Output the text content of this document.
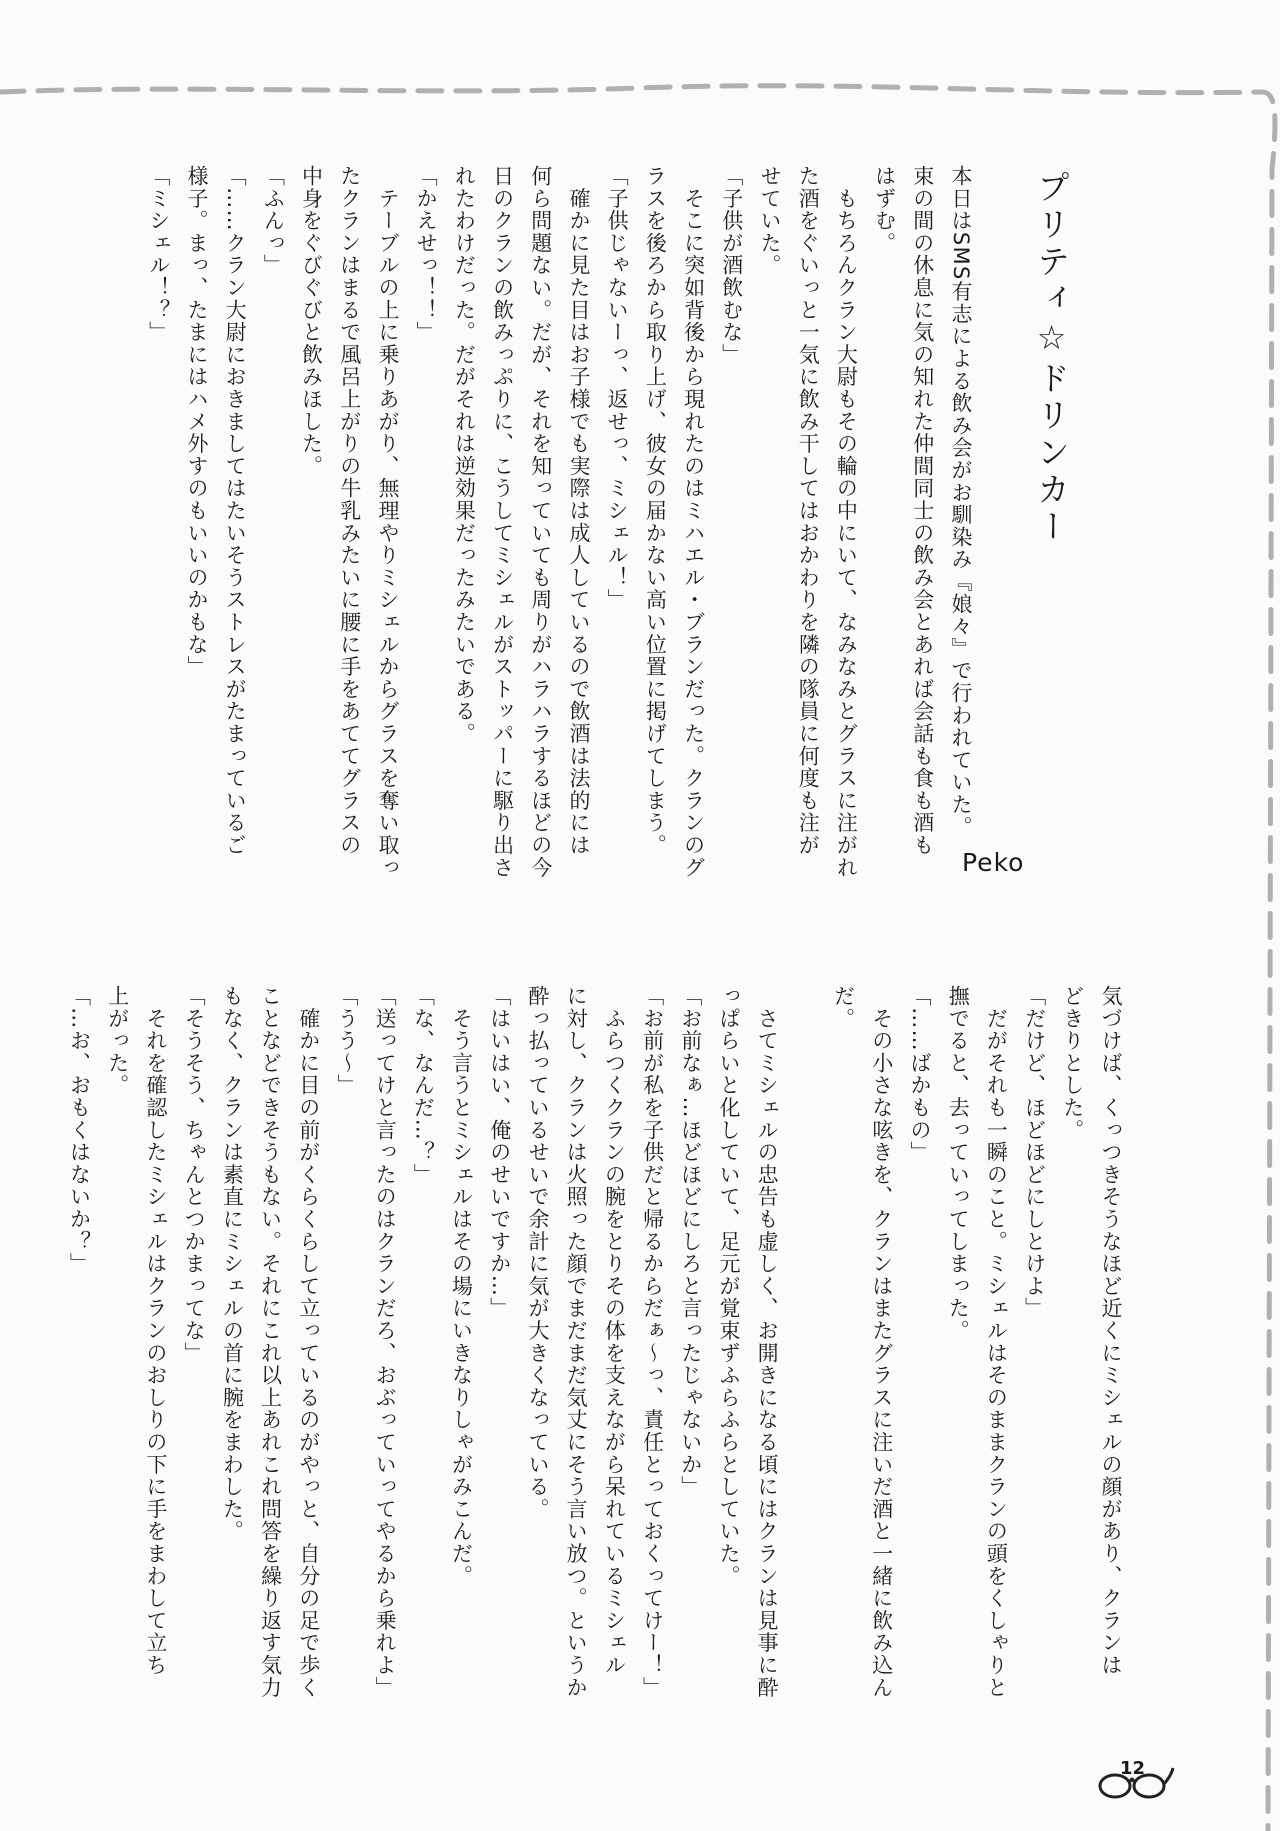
プリティ☆ドリンカー
本日はSMS有志による飲み会がお馴染み『娘々』で行われていた。
束の間の休息に気の知れた仲間同士の飲み会とあれば会話も食も酒も
はずむ。
　もちろんクラン大尉もその輪の中にいて、なみなみとグラスに注がれ
た酒をぐいっと一気に飲み干してはおかわりを隣の隊員に何度も注が
せていた。
「子供が酒飲むな」
　そこに突如背後から現れたのはミハエル・ブランだった。クランのグ
ラスを後ろから取り上げ、彼女の届かない高い位置に掲げてしまう。
「子供じゃないーっ、返せっ、ミシェル！」
　確かに見た目はお子様でも実際は成人しているので飲酒は法的には
何ら問題ない。だが、それを知っていても周りがハラハラするほどの今
日のクランの飲みっぷりに、こうしてミシェルがストッパーに駆り出さ
れたわけだった。だがそれは逆効果だったみたいである。
「かえせっ！！」
　テーブルの上に乗りあがり、無理やりミシェルからグラスを奪い取っ
たクランはまるで風呂上がりの牛乳みたいに腰に手をあててグラスの
中身をぐびぐびと飲みほした。
「ふんっ」
「……クラン大尉におきましてはたいそうストレスがたまっているご
様子。まっ、たまにはハメ外すのもいいのかもな」
「ミシェル！？」
Peko
気づけば、くっつきそうなほど近くにミシェルの顔があり、クランは
どきりとした。
「だけど、ほどほどにしとけよ」
　だがそれも一瞬のこと。ミシェルはそのままクランの頭をくしゃりと
撫でると、去っていってしまった。
「……ばかもの」
　その小さな呟きを、クランはまたグラスに注いだ酒と一緒に飲み込ん
だ。

　さてミシェルの忠告も虚しく、お開きになる頃にはクランは見事に酔
っぱらいと化していて、足元が覚束ずふらふらとしていた。
「お前なぁ…ほどほどにしろと言ったじゃないか」
「お前が私を子供だと帰るからだぁ～っ、責任とっておくってけー！」
　ふらつくクランの腕をとりその体を支えながら呆れているミシェル
に対し、クランは火照った顔でまだまだ気丈にそう言い放つ。というか
酔っ払っているせいで余計に気が大きくなっている。
「はいはい、俺のせいですか…」
　そう言うとミシェルはその場にいきなりしゃがみこんだ。
「な、なんだ…？」
「送ってけと言ったのはクランだろ、おぶっていってやるから乗れよ」
「うう～」
　確かに目の前がくらくらして立っているのがやっと、自分の足で歩く
ことなどできそうもない。それにこれ以上あれこれ問答を繰り返す気力
もなく、クランは素直にミシェルの首に腕をまわした。
「そうそう、ちゃんとつかまってな」
　それを確認したミシェルはクランのおしりの下に手をまわして立ち
上がった。
「…お、おもくはないか？」
12
